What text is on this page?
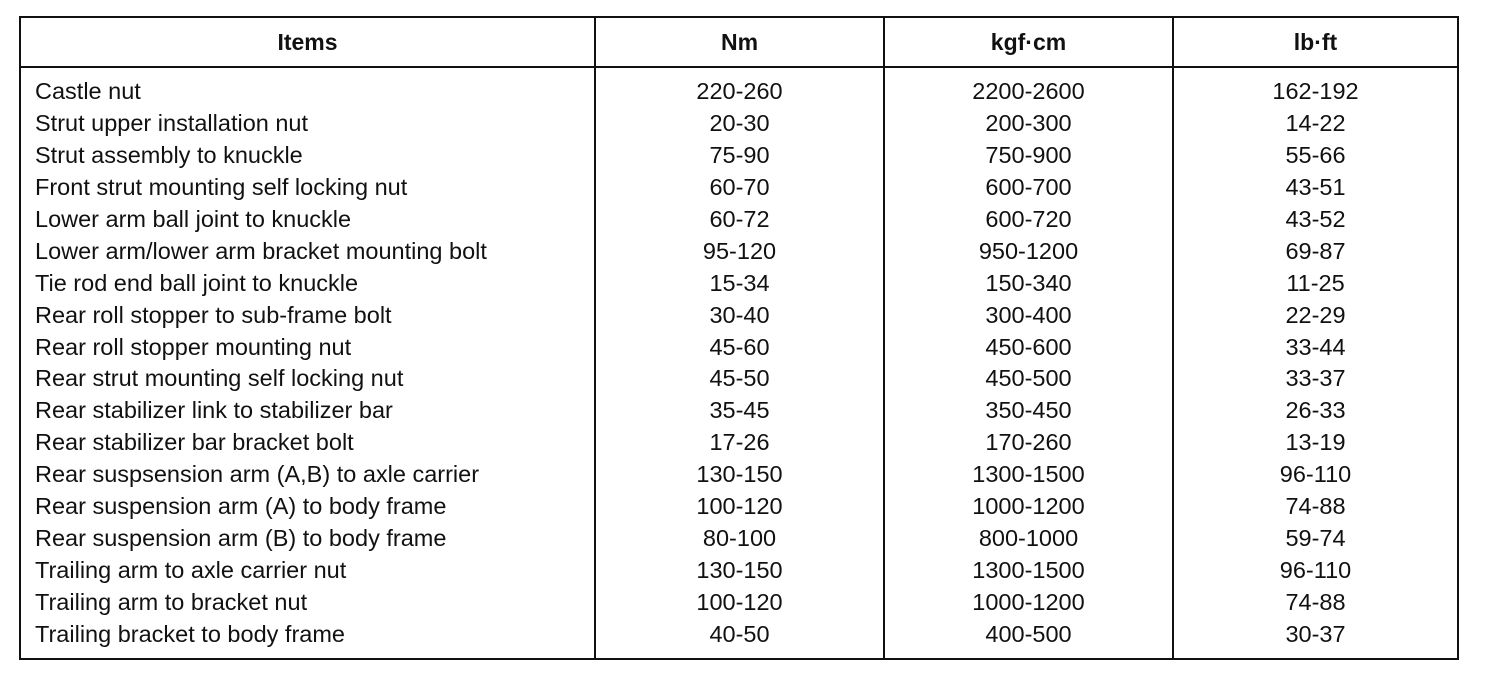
Items	Nm	kgf·cm	lb·ft
Castle nut	220-260	2200-2600	162-192
Strut upper installation nut	20-30	200-300	14-22
Strut assembly to knuckle	75-90	750-900	55-66
Front strut mounting self locking nut	60-70	600-700	43-51
Lower arm ball joint to knuckle	60-72	600-720	43-52
Lower arm/lower arm bracket mounting bolt	95-120	950-1200	69-87
Tie rod end ball joint to knuckle	15-34	150-340	11-25
Rear roll stopper to sub-frame bolt	30-40	300-400	22-29
Rear roll stopper mounting nut	45-60	450-600	33-44
Rear strut mounting self locking nut	45-50	450-500	33-37
Rear stabilizer link to stabilizer bar	35-45	350-450	26-33
Rear stabilizer bar bracket bolt	17-26	170-260	13-19
Rear suspsension arm (A,B) to axle carrier	130-150	1300-1500	96-110
Rear suspension arm (A) to body frame	100-120	1000-1200	74-88
Rear suspension arm (B) to body frame	80-100	800-1000	59-74
Trailing arm to axle carrier nut	130-150	1300-1500	96-110
Trailing arm to bracket nut	100-120	1000-1200	74-88
Trailing bracket to body frame	40-50	400-500	30-37
